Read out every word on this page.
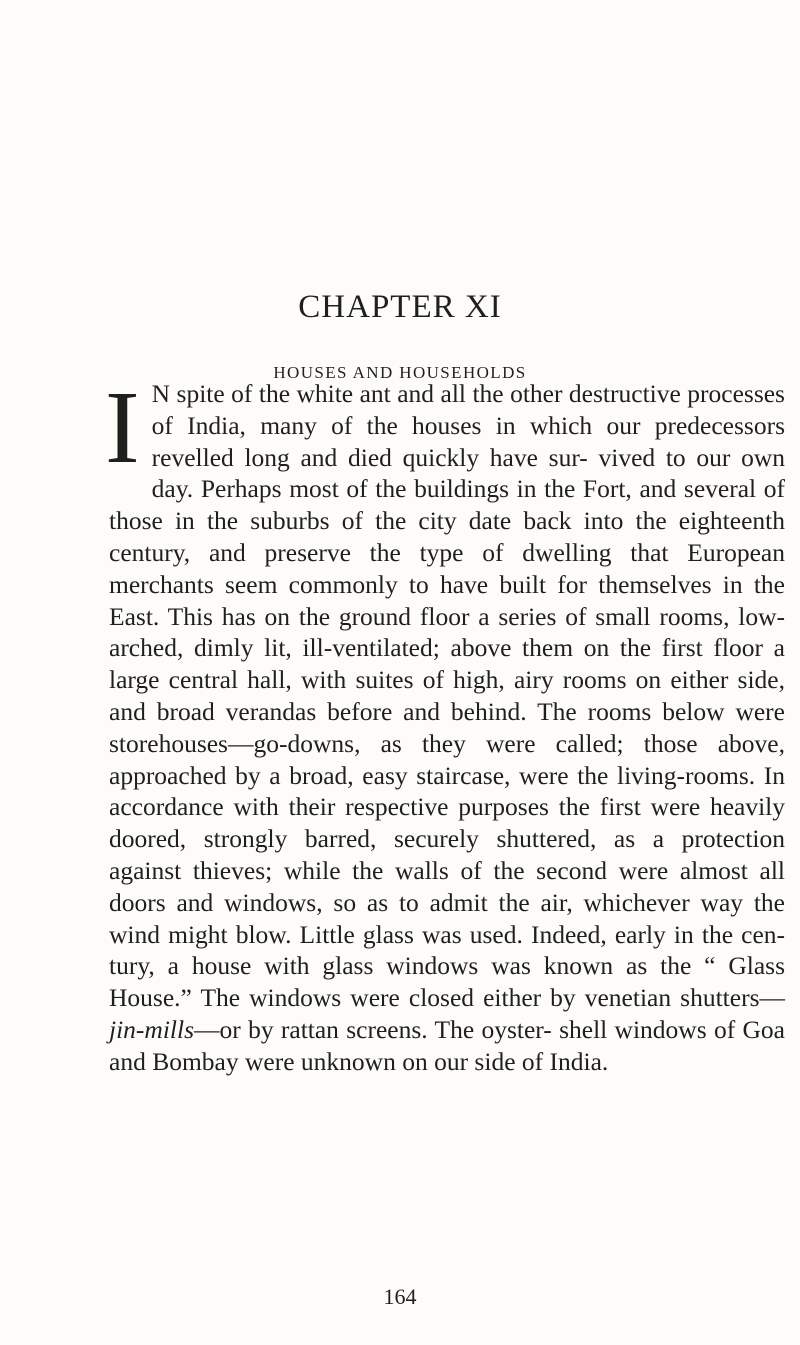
CHAPTER XI
HOUSES AND HOUSEHOLDS

I N spite of the white ant and all the other destructive processes of India, many of the houses in which our predecessors revelled long and died quickly have sur- vived to our own day. Perhaps most of the buildings in the Fort, and several of those in the suburbs of the city date back into the eighteenth century, and preserve the type of dwelling that European merchants seem commonly to have built for themselves in the East. This has on the ground floor a series of small rooms, low-arched, dimly lit, ill-ventilated; above them on the first floor a large central hall, with suites of high, airy rooms on either side, and broad verandas before and behind. The rooms below were storehouses—go-downs, as they were called; those above, approached by a broad, easy staircase, were the living-rooms. In accordance with their respective purposes the first were heavily doored, strongly barred, securely shuttered, as a protection against thieves; while the walls of the second were almost all doors and windows, so as to admit the air, whichever way the wind might blow. Little glass was used. Indeed, early in the cen- tury, a house with glass windows was known as the “ Glass House.” The windows were closed either by venetian shutters—jin-mills—or by rattan screens. The oyster- shell windows of Goa and Bombay were unknown on our side of India.

164
